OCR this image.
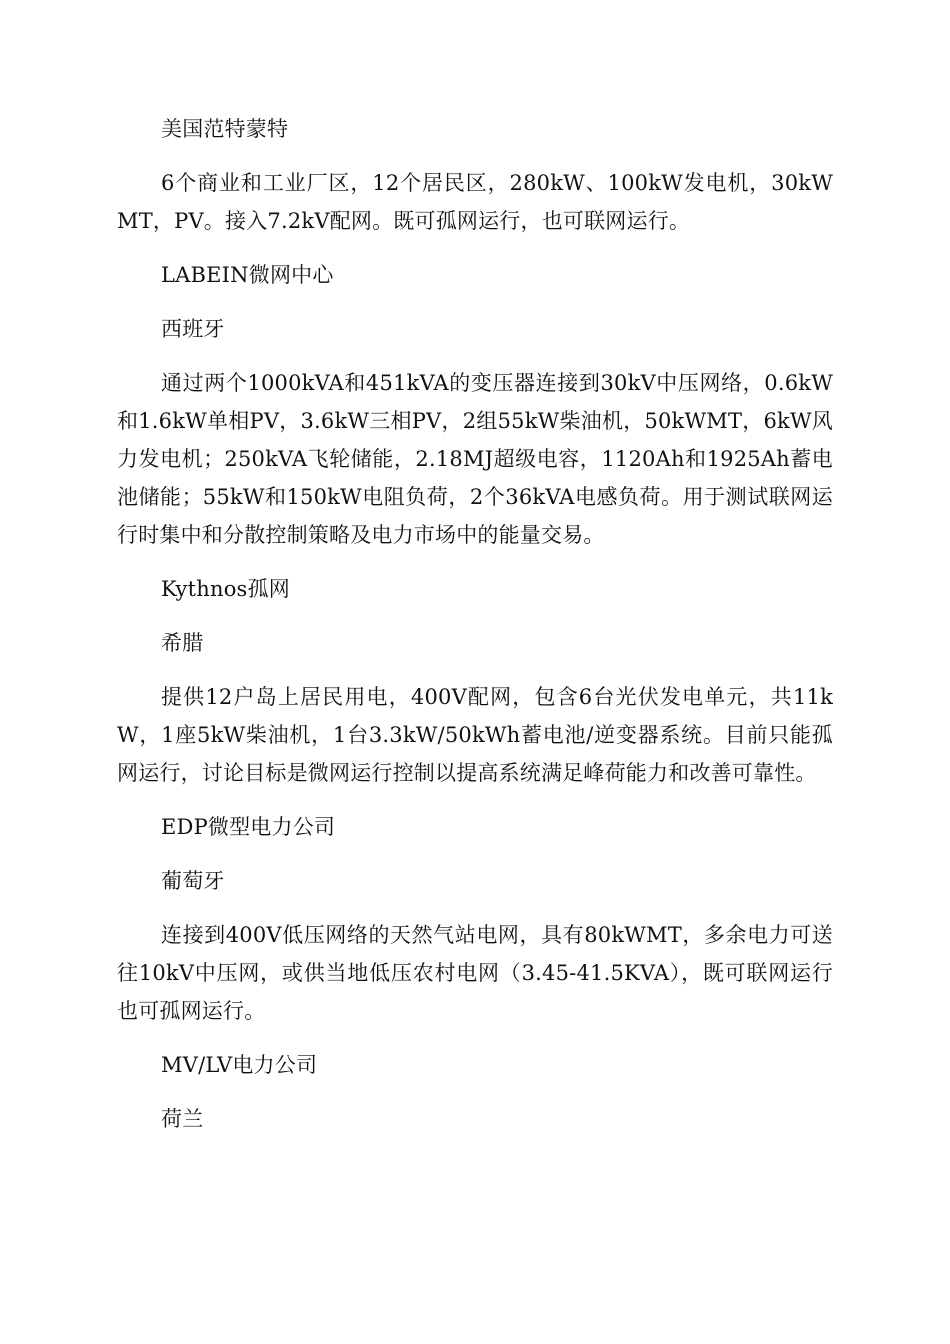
美国范特蒙特

6个商业和工业厂区，12个居民区，280kW、100kW发电机，30kWMT，PV。接入7.2kV配网。既可孤网运行，也可联网运行。

LABEIN微网中心

西班牙

通过两个1000kVA和451kVA的变压器连接到30kV中压网络，0.6kW和1.6kW单相PV，3.6kW三相PV，2组55kW柴油机，50kWMT，6kW风力发电机；250kVA飞轮储能，2.18MJ超级电容，1120Ah和1925Ah蓄电池储能；55kW和150kW电阻负荷，2个36kVA电感负荷。用于测试联网运行时集中和分散控制策略及电力市场中的能量交易。

Kythnos孤网

希腊

提供12户岛上居民用电，400V配网，包含6台光伏发电单元，共11kW，1座5kW柴油机，1台3.3kW/50kWh蓄电池/逆变器系统。目前只能孤网运行，讨论目标是微网运行控制以提高系统满足峰荷能力和改善可靠性。

EDP微型电力公司

葡萄牙

连接到400V低压网络的天然气站电网，具有80kWMT，多余电力可送往10kV中压网，或供当地低压农村电网（3.45-41.5KVA），既可联网运行也可孤网运行。

MV/LV电力公司

荷兰
